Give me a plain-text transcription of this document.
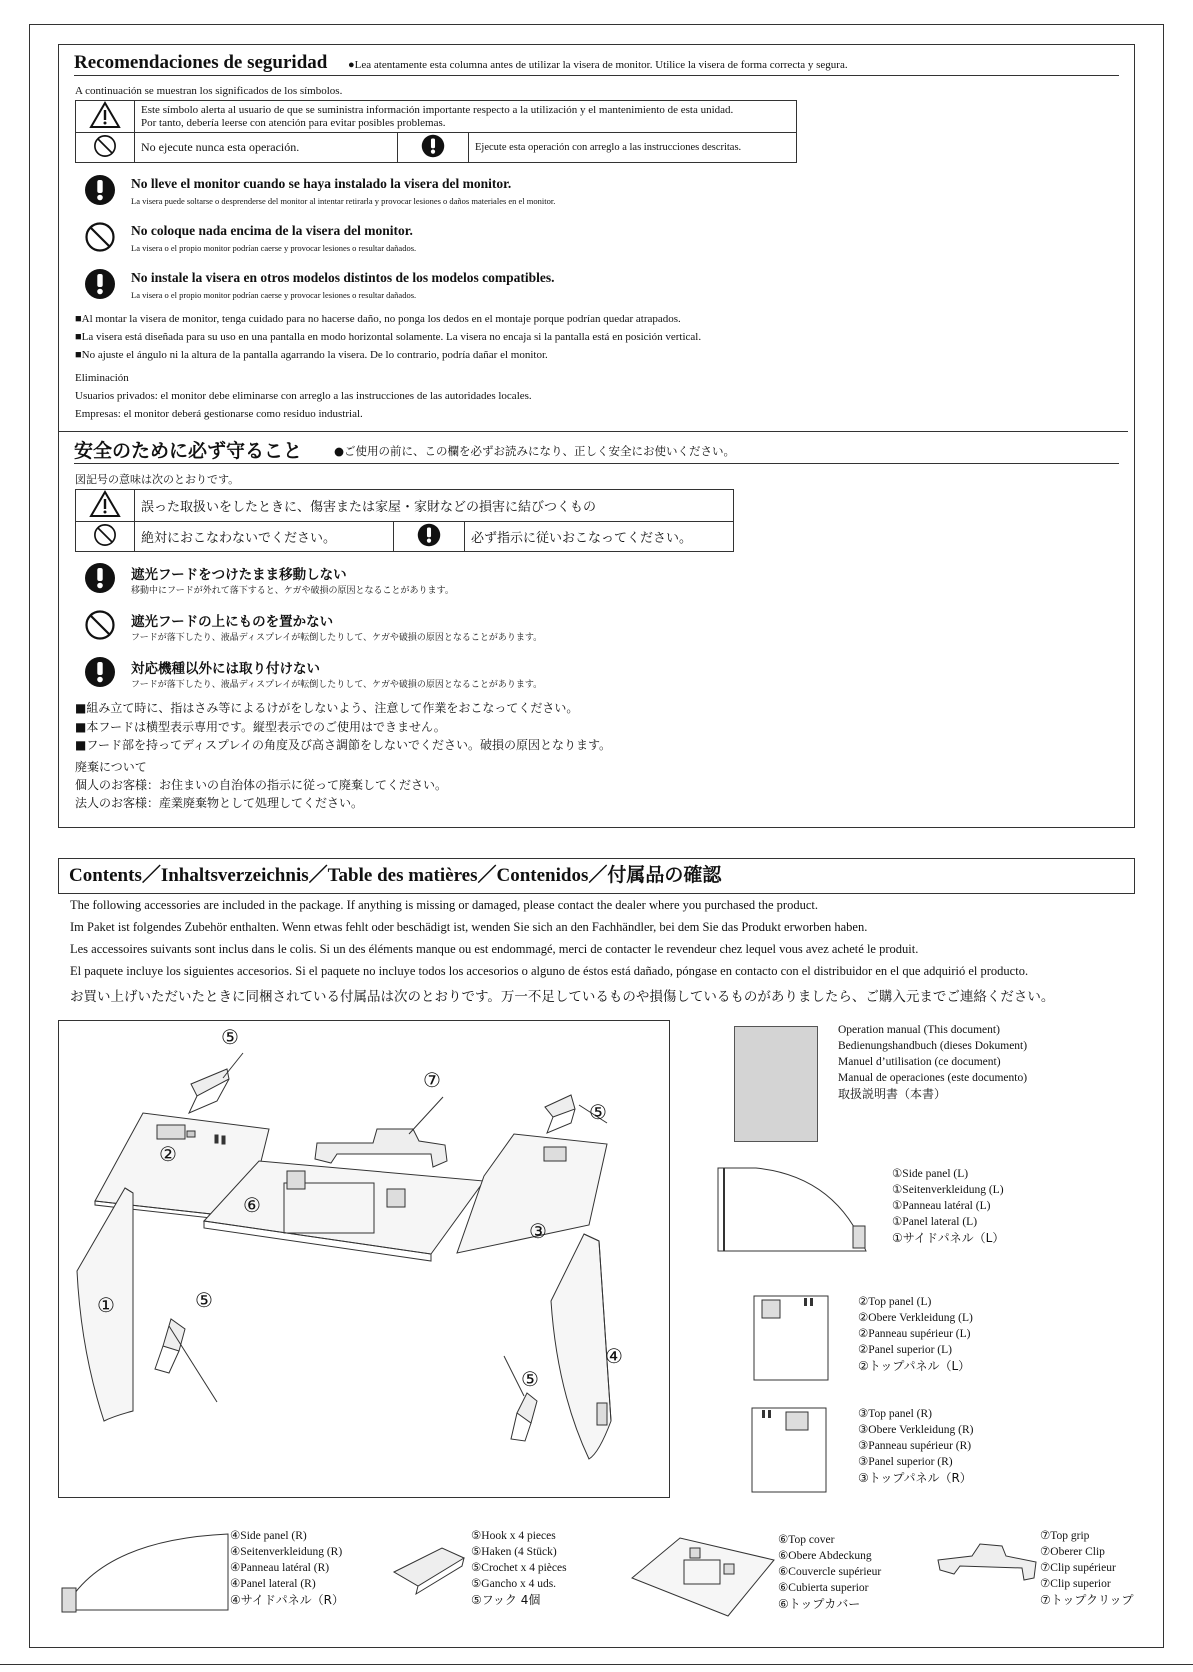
Recomendaciones de seguridad ●Lea atentamente esta columna antes de utilizar la visera de monitor. Utilice la visera de forma correcta y segura.
A continuación se muestran los significados de los símbolos.

Este símbolo alerta al usuario de que se suministra información importante respecto a la utilización y el mantenimiento de esta unidad.
Por tanto, debería leerse con atención para evitar posibles problemas.		

	No ejecute nunca esta operación.		Ejecute esta operación con arreglo a las instrucciones descritas.
No lleve el monitor cuando se haya instalado la visera del monitor.
La visera puede soltarse o desprenderse del monitor al intentar retirarla y provocar lesiones o daños materiales en el monitor.
No coloque nada encima de la visera del monitor.
La visera o el propio monitor podrían caerse y provocar lesiones o resultar dañados.
No instale la visera en otros modelos distintos de los modelos compatibles.
La visera o el propio monitor podrían caerse y provocar lesiones o resultar dañados.
■Al montar la visera de monitor, tenga cuidado para no hacerse daño, no ponga los dedos en el montaje porque podrían quedar atrapados.
■La visera está diseñada para su uso en una pantalla en modo horizontal solamente. La visera no encaja si la pantalla está en posición vertical.
■No ajuste el ángulo ni la altura de la pantalla agarrando la visera. De lo contrario, podría dañar el monitor.
Eliminación
Usuarios privados: el monitor debe eliminarse con arreglo a las instrucciones de las autoridades locales.
Empresas: el monitor deberá gestionarse como residuo industrial.
安全のために必ず守ること	●ご使用の前に、この欄を必ずお読みになり、正しく安全にお使いください。
図記号の意味は次のとおりです。
	誤った取扱いをしたときに、傷害または家屋・家財などの損害に結びつくもの		
	絶対におこなわないでください。		必ず指示に従いおこなってください。
遮光フードをつけたまま移動しない
移動中にフードが外れて落下すると、ケガや破損の原因となることがあります。
遮光フードの上にものを置かない
フードが落下したり、液晶ディスプレイが転倒したりして、ケガや破損の原因となることがあります。
対応機種以外には取り付けない
フードが落下したり、液晶ディスプレイが転倒したりして、ケガや破損の原因となることがあります。
■組み立て時に、指はさみ等によるけがをしないよう、注意して作業をおこなってください。
■本フードは横型表示専用です。縦型表示でのご使用はできません。
■フード部を持ってディスプレイの角度及び高さ調節をしないでください。破損の原因となります。
廃棄について
個人のお客様：お住まいの自治体の指示に従って廃棄してください。
法人のお客様：産業廃棄物として処理してください。
Contents／Inhaltsverzeichnis／Table des matières／Contenidos／付属品の確認
The following accessories are included in the package. If anything is missing or damaged, please contact the dealer where you purchased the product.
Im Paket ist folgendes Zubehör enthalten. Wenn etwas fehlt oder beschädigt ist, wenden Sie sich an den Fachhändler, bei dem Sie das Produkt erworben haben.
Les accessoires suivants sont inclus dans le colis. Si un des éléments manque ou est endommagé, merci de contacter le revendeur chez lequel vous avez acheté le produit.
El paquete incluye los siguientes accesorios. Si el paquete no incluye todos los accesorios o alguno de éstos está dañado, póngase en contacto con el distribuidor en el que adquirió el producto.
お買い上げいただいたときに同梱されている付属品は次のとおりです。万一不足しているものや損傷しているものがありましたら、ご購入元までご連絡ください。
⑤
⑦
⑤
②
⑥
③
①	⑤
④
⑤
Operation manual (This document)
Bedienungshandbuch (dieses Dokument)
Manuel d’utilisation (ce document)
Manual de operaciones (este documento)
取扱説明書（本書）
①Side panel (L)
①Seitenverkleidung (L)
①Panneau latéral (L)
①Panel lateral (L)
①サイドパネル（L）
②Top panel (L)
②Obere Verkleidung (L)
②Panneau supérieur (L)
②Panel superior (L)
②トップパネル（L）
③Top panel (R)
③Obere Verkleidung (R)
③Panneau supérieur (R)
③Panel superior (R)
③トップパネル（R）
④Side panel (R)
④Seitenverkleidung (R)
④Panneau latéral (R)
④Panel lateral (R)
④サイドパネル（R）
⑤Hook x 4 pieces
⑤Haken (4 Stück)
⑤Crochet x 4 pièces
⑤Gancho x 4 uds.
⑤フック 4個
⑥Top cover
⑥Obere Abdeckung
⑥Couvercle supérieur
⑥Cubierta superior
⑥トップカバー
⑦Top grip
⑦Oberer Clip
⑦Clip supérieur
⑦Clip superior
⑦トップクリップ
